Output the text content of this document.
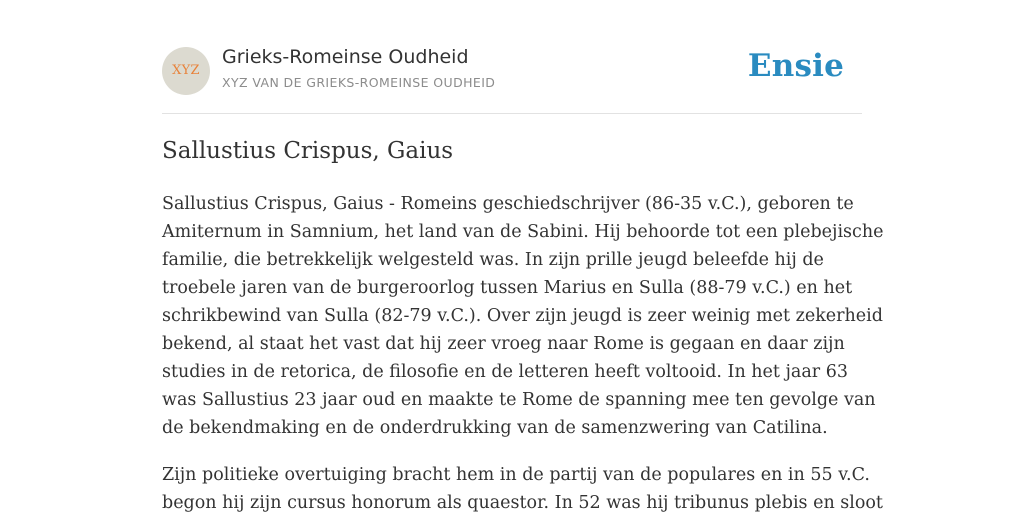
XYZ
Grieks-Romeinse Oudheid
XYZ VAN DE GRIEKS-ROMEINSE OUDHEID	Ensie
Sallustius Crispus, Gaius

Sallustius Crispus, Gaius - Romeins geschiedschrijver (86-35 v.C.), geboren te
Amiternum in Samnium, het land van de Sabini. Hij behoorde tot een plebejische
familie, die betrekkelijk welgesteld was. In zijn prille jeugd beleefde hij de
troebele jaren van de burgeroorlog tussen Marius en Sulla (88-79 v.C.) en het
schrikbewind van Sulla (82-79 v.C.). Over zijn jeugd is zeer weinig met zekerheid
bekend, al staat het vast dat hij zeer vroeg naar Rome is gegaan en daar zijn
studies in de retorica, de filosofie en de letteren heeft voltooid. In het jaar 63
was Sallustius 23 jaar oud en maakte te Rome de spanning mee ten gevolge van
de bekendmaking en de onderdrukking van de samenzwering van Catilina.

Zijn politieke overtuiging bracht hem in de partij van de populares en in 55 v.C.
begon hij zijn cursus honorum als quaestor. In 52 was hij tribunus plebis en sloot
